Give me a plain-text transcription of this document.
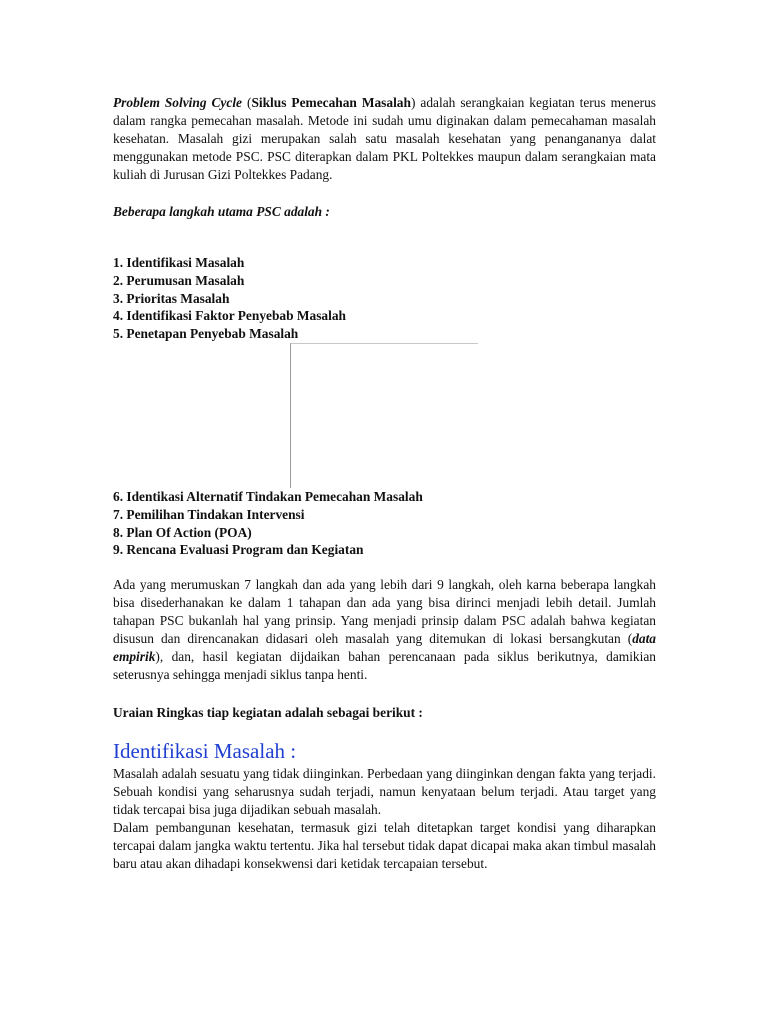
Problem Solving Cycle (Siklus Pemecahan Masalah) adalah serangkaian kegiatan terus menerus dalam rangka pemecahan masalah. Metode ini sudah umu diginakan dalam pemecahaman masalah kesehatan. Masalah gizi merupakan salah satu masalah kesehatan yang penangananya dalat menggunakan metode PSC. PSC diterapkan dalam PKL Poltekkes maupun dalam serangkaian mata kuliah di Jurusan Gizi Poltekkes Padang.

Beberapa langkah utama PSC adalah :
1. Identifikasi Masalah
2. Perumusan Masalah
3. Prioritas Masalah
4. Identifikasi Faktor Penyebab Masalah
5. Penetapan Penyebab Masalah
6. Identikasi Alternatif Tindakan Pemecahan Masalah
7. Pemilihan Tindakan Intervensi
8. Plan Of Action (POA)
9. Rencana Evaluasi Program dan Kegiatan

Ada yang merumuskan 7 langkah dan ada yang lebih dari 9 langkah, oleh karna beberapa langkah bisa disederhanakan ke dalam 1 tahapan dan ada yang bisa dirinci menjadi lebih detail. Jumlah tahapan PSC bukanlah hal yang prinsip. Yang menjadi prinsip dalam PSC adalah bahwa kegiatan disusun dan direncanakan didasari oleh masalah yang ditemukan di lokasi bersangkutan (data empirik), dan, hasil kegiatan dijdaikan bahan perencanaan pada siklus berikutnya, damikian seterusnya sehingga menjadi siklus tanpa henti.

Uraian Ringkas tiap kegiatan adalah sebagai berikut :
Identifikasi Masalah :

Masalah adalah sesuatu yang tidak diinginkan. Perbedaan yang diinginkan dengan fakta yang terjadi. Sebuah kondisi yang seharusnya sudah terjadi, namun kenyataan belum terjadi. Atau target yang tidak tercapai bisa juga dijadikan sebuah masalah.

Dalam pembangunan kesehatan, termasuk gizi telah ditetapkan target kondisi yang diharapkan tercapai dalam jangka waktu tertentu. Jika hal tersebut tidak dapat dicapai maka akan timbul masalah baru atau akan dihadapi konsekwensi dari ketidak tercapaian tersebut.
